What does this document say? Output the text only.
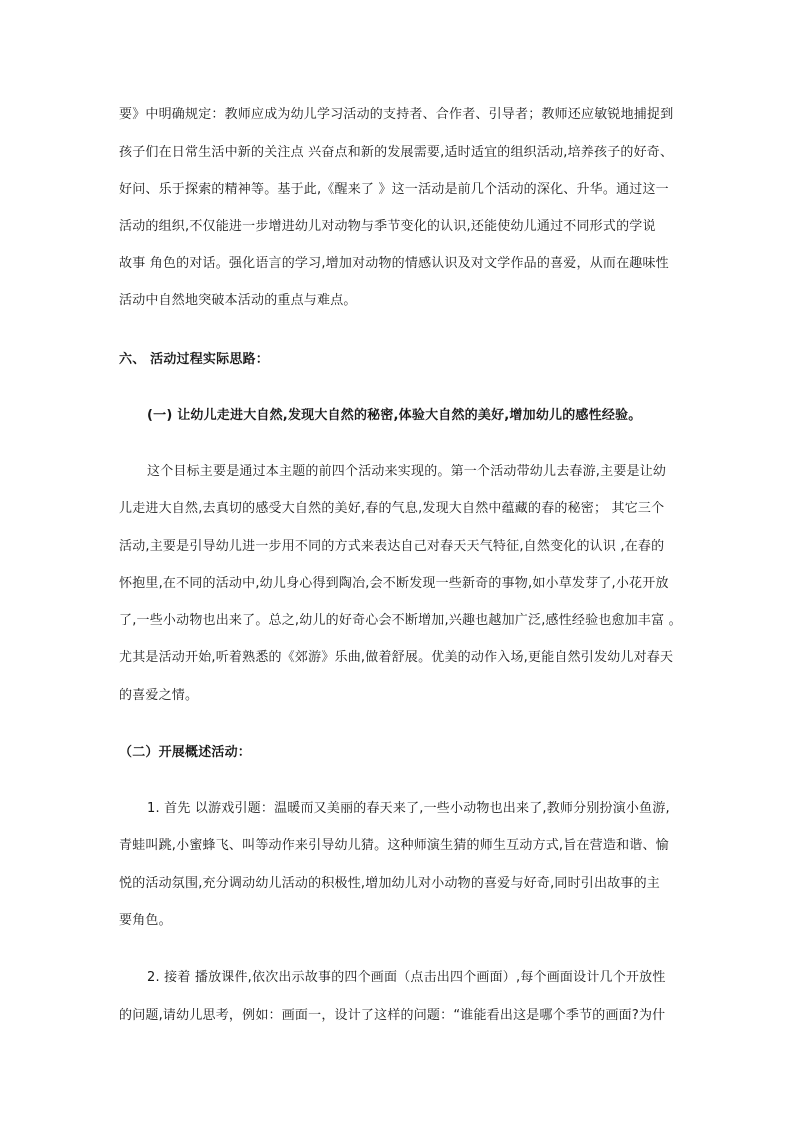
要》中明确规定：教师应成为幼儿学习活动的支持者、合作者、引导者；教师还应敏锐地捕捉到
孩子们在日常生活中新的关注点 兴奋点和新的发展需要,适时适宜的组织活动,培养孩子的好奇、
好问、乐于探索的精神等。基于此,《醒来了 》这一活动是前几个活动的深化、升华。通过这一
活动的组织,不仅能进一步增进幼儿对动物与季节变化的认识,还能使幼儿通过不同形式的学说
故事 角色的对话。强化语言的学习,增加对动物的情感认识及对文学作品的喜爱，从而在趣味性
活动中自然地突破本活动的重点与难点。
六、 活动过程实际思路：
(一) 让幼儿走进大自然,发现大自然的秘密,体验大自然的美好,增加幼儿的感性经验。
这个目标主要是通过本主题的前四个活动来实现的。第一个活动带幼儿去春游,主要是让幼
儿走进大自然,去真切的感受大自然的美好,春的气息,发现大自然中蕴藏的春的秘密； 其它三个
活动,主要是引导幼儿进一步用不同的方式来表达自己对春天天气特征,自然变化的认识 ,在春的
怀抱里,在不同的活动中,幼儿身心得到陶冶,会不断发现一些新奇的事物,如小草发芽了,小花开放
了,一些小动物也出来了。总之,幼儿的好奇心会不断增加,兴趣也越加广泛,感性经验也愈加丰富 。
尤其是活动开始,听着熟悉的《郊游》乐曲,做着舒展。优美的动作入场,更能自然引发幼儿对春天
的喜爱之情。
（二）开展概述活动：
1. 首先 以游戏引题：温暖而又美丽的春天来了,一些小动物也出来了,教师分别扮演小鱼游,
青蛙叫跳,小蜜蜂飞、叫等动作来引导幼儿猜。这种师演生猜的师生互动方式,旨在营造和谐、愉
悦的活动氛围,充分调动幼儿活动的积极性,增加幼儿对小动物的喜爱与好奇,同时引出故事的主
要角色。
2. 接着 播放课件,依次出示故事的四个画面（点击出四个画面）,每个画面设计几个开放性
的问题,请幼儿思考，例如：画面一，设计了这样的问题：“谁能看出这是哪个季节的画面?为什
